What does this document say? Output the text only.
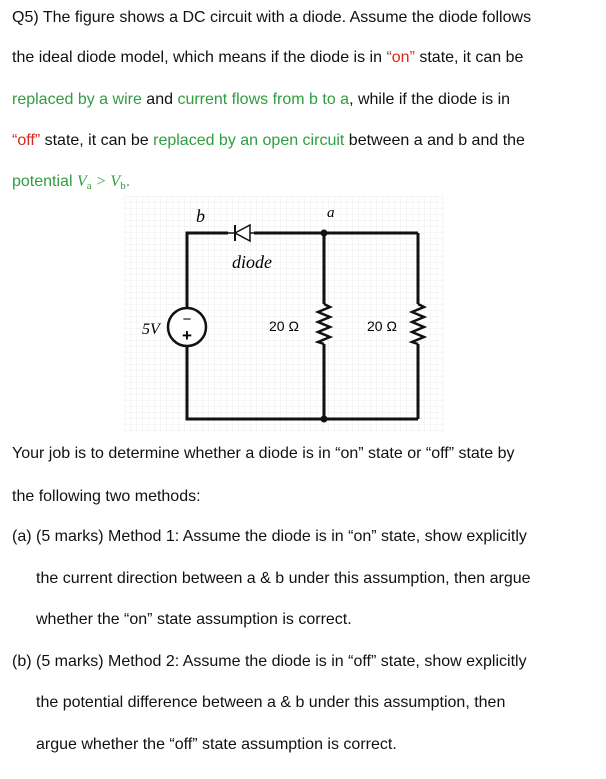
Q5) The figure shows a DC circuit with a diode. Assume the diode follows
the ideal diode model, which means if the diode is in “on” state, it can be
replaced by a wire and current flows from b to a, while if the diode is in
“off” state, it can be replaced by an open circuit between a and b and the
potential $V_a > V_b$.
b	a
diode
5V
−
+	20 Ω	20 Ω
Your job is to determine whether a diode is in “on” state or “off” state by
the following two methods:
(a) (5 marks) Method 1: Assume the diode is in “on” state, show explicitly
the current direction between a & b under this assumption, then argue
whether the “on” state assumption is correct.
(b) (5 marks) Method 2: Assume the diode is in “off” state, show explicitly
the potential difference between a & b under this assumption, then
argue whether the “off” state assumption is correct.
